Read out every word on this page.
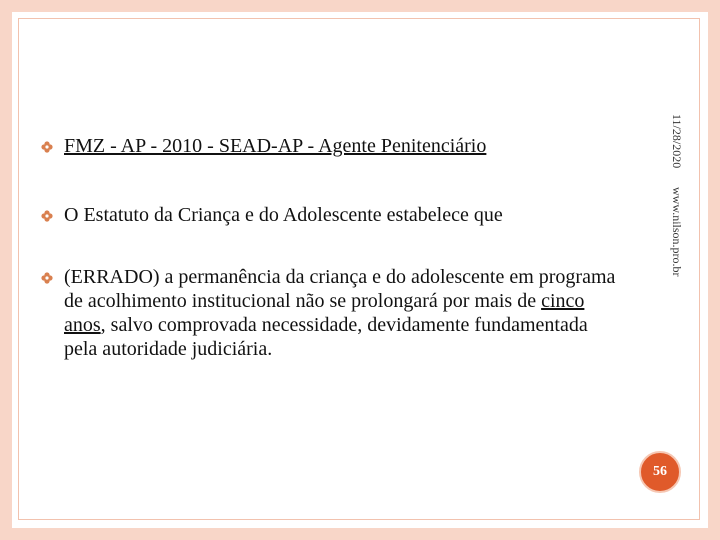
FMZ - AP - 2010 - SEAD-AP - Agente Penitenciário
O Estatuto da Criança e do Adolescente estabelece que
(ERRADO) a permanência da criança e do adolescente em programa de acolhimento institucional não se prolongará por mais de cinco anos, salvo comprovada necessidade, devidamente fundamentada pela autoridade judiciária.
11/28/2020
www.nilson.pro.br
56
